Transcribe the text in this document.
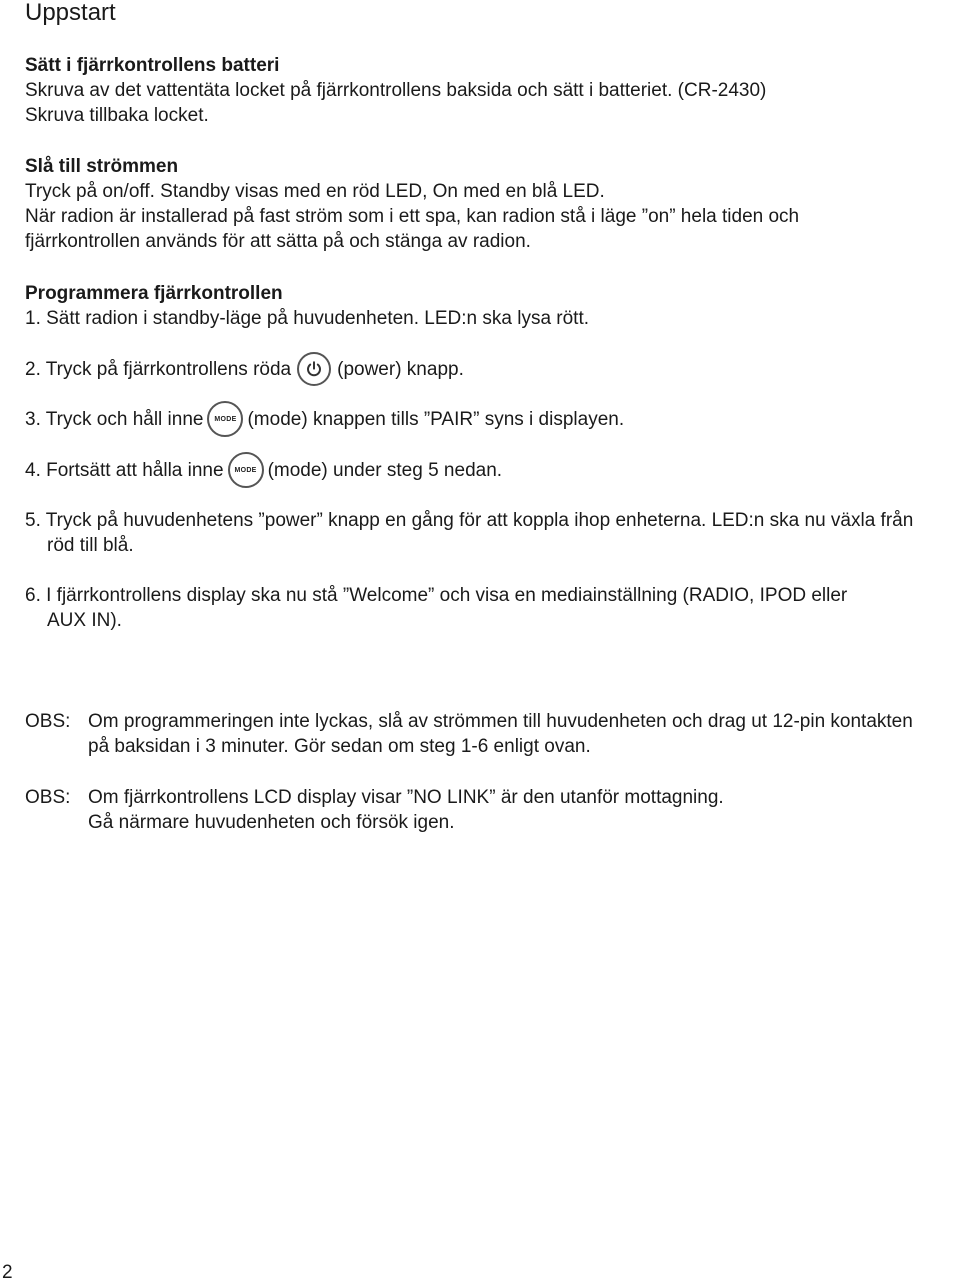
Uppstart
Sätt i fjärrkontrollens batteri
Skruva av det vattentäta locket på fjärrkontrollens baksida och sätt i batteriet. (CR-2430)
Skruva tillbaka locket.
Slå till strömmen
Tryck på on/off. Standby visas med en röd LED, On med en blå LED.
När radion är installerad på fast ström som i ett spa, kan radion stå i läge ”on” hela tiden och
fjärrkontrollen används för att sätta på och stänga av radion.
Programmera fjärrkontrollen
1. Sätt radion i standby-läge på huvudenheten. LED:n ska lysa rött.
2. Tryck på fjärrkontrollens röda (power) knapp.
3. Tryck och håll inne	MODE (mode) knappen tills ”PAIR” syns i displayen.
4. Fortsätt att hålla inne	MODE (mode) under steg 5 nedan.
5. Tryck på huvudenhetens ”power” knapp en gång för att koppla ihop enheterna. LED:n ska nu växla från
röd till blå.
6. I fjärrkontrollens display ska nu stå ”Welcome” och visa en mediainställning (RADIO, IPOD eller
AUX IN).
OBS: Om programmeringen inte lyckas, slå av strömmen till huvudenheten och drag ut 12-pin kontakten
på baksidan i 3 minuter. Gör sedan om steg 1-6 enligt ovan.
OBS: Om fjärrkontrollens LCD display visar ”NO LINK” är den utanför mottagning.
Gå närmare huvudenheten och försök igen.
2
